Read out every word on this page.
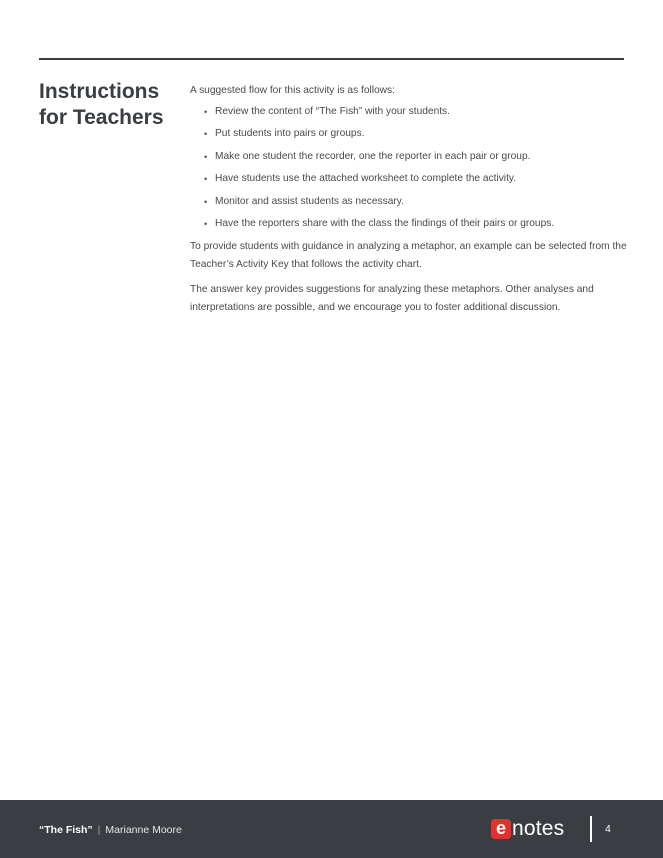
Instructions
for Teachers

A suggested flow for this activity is as follows:

• Review the content of “The Fish” with your students.
• Put students into pairs or groups.
• Make one student the recorder, one the reporter in each pair or group.
• Have students use the attached worksheet to complete the activity.
• Monitor and assist students as necessary.
• Have the reporters share with the class the findings of their pairs or groups.

To provide students with guidance in analyzing a metaphor, an example can be selected from the Teacher’s Activity Key that follows the activity chart.

The answer key provides suggestions for analyzing these metaphors. Other analyses and interpretations are possible, and we encourage you to foster additional discussion.

“The Fish” | Marianne Moore	e notes	4
